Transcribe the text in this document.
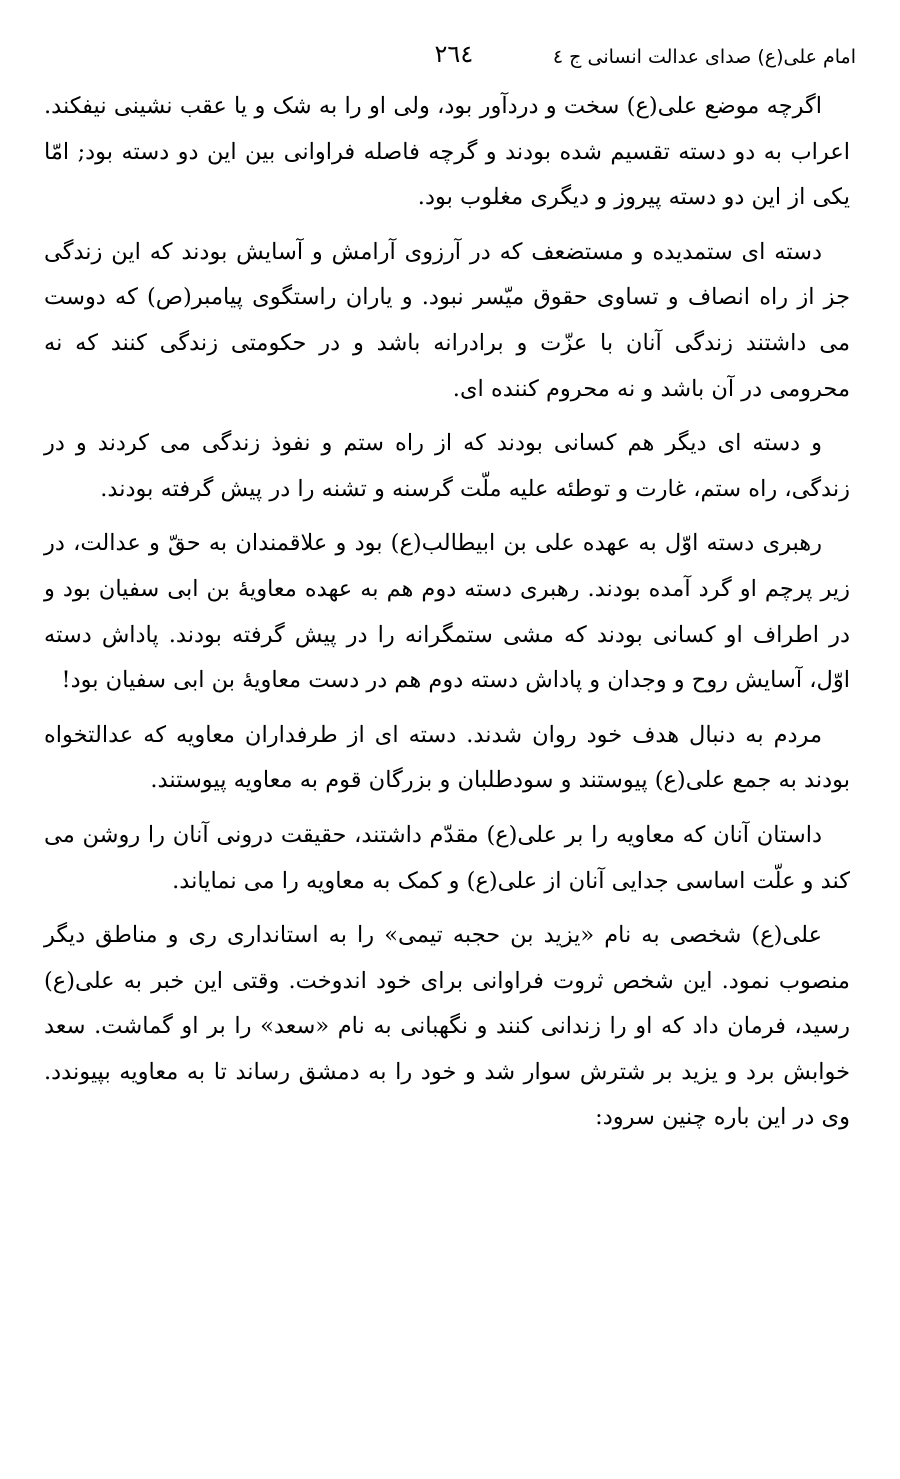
امام علی(ع) صدای عدالت انسانی ج ٤
٢٦٤

اگرچه موضع علی(ع) سخت و دردآور بود، ولی او را به شک و یا عقب نشینی نیفکند. اعراب به دو دسته تقسیم شده بودند و گرچه فاصله فراوانی بین این دو دسته بود; امّا یکی از این دو دسته پیروز و دیگری مغلوب بود.

دسته ای ستمدیده و مستضعف که در آرزوی آرامش و آسایش بودند که این زندگی جز از راه انصاف و تساوی حقوق میّسر نبود. و یاران راستگوی پیامبر(ص) که دوست می داشتند زندگی آنان با عزّت و برادرانه باشد و در حکومتی زندگی کنند که نه محرومی در آن باشد و نه محروم کننده ای.

و دسته ای دیگر هم کسانی بودند که از راه ستم و نفوذ زندگی می کردند و در زندگی، راه ستم، غارت و توطئه علیه ملّت گرسنه و تشنه را در پیش گرفته بودند.

رهبری دسته اوّل به عهده علی بن ابیطالب(ع) بود و علاقمندان به حقّ و عدالت، در زیر پرچم او گرد آمده بودند. رهبری دسته دوم هم به عهده معاویهٔ بن ابی سفیان بود و در اطراف او کسانی بودند که مشی ستمگرانه را در پیش گرفته بودند. پاداش دسته اوّل، آسایش روح و وجدان و پاداش دسته دوم هم در دست معاویهٔ بن ابی سفیان بود!

مردم به دنبال هدف خود روان شدند. دسته ای از طرفداران معاویه که عدالتخواه بودند به جمع علی(ع) پیوستند و سودطلبان و بزرگان قوم به معاویه پیوستند.

داستان آنان که معاویه را بر علی(ع) مقدّم داشتند، حقیقت درونی آنان را روشن می کند و علّت اساسی جدایی آنان از علی(ع) و کمک به معاویه را می نمایاند.

علی(ع) شخصی به نام «یزید بن حجبه تیمی» را به استانداری ری و مناطق دیگر منصوب نمود. این شخص ثروت فراوانی برای خود اندوخت. وقتی این خبر به علی(ع) رسید، فرمان داد که او را زندانی کنند و نگهبانی به نام «سعد» را بر او گماشت. سعد خوابش برد و یزید بر شترش سوار شد و خود را به دمشق رساند تا به معاویه بپیوندد. وی در این باره چنین سرود:
